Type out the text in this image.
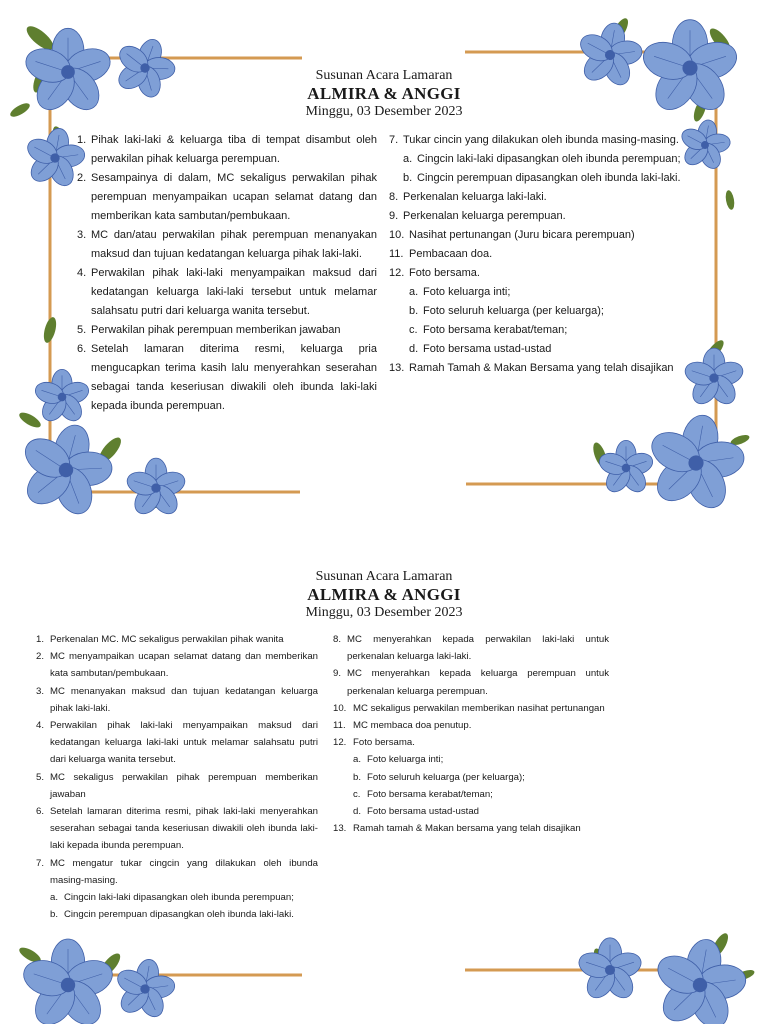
Susunan Acara Lamaran
ALMIRA & ANGGI
Minggu, 03 Desember 2023
1. Pihak laki-laki & keluarga tiba di tempat disambut oleh perwakilan pihak keluarga perempuan.
2. Sesampainya di dalam, MC sekaligus perwakilan pihak perempuan menyampaikan ucapan selamat datang dan memberikan kata sambutan/pembukaan.
3. MC dan/atau perwakilan pihak perempuan menanyakan maksud dan tujuan kedatangan keluarga pihak laki-laki.
4. Perwakilan pihak laki-laki menyampaikan maksud dari kedatangan keluarga laki-laki tersebut untuk melamar salahsatu putri dari keluarga wanita tersebut.
5. Perwakilan pihak perempuan memberikan jawaban
6. Setelah lamaran diterima resmi, keluarga pria mengucapkan terima kasih lalu menyerahkan seserahan sebagai tanda keseriusan diwakili oleh ibunda laki-laki kepada ibunda perempuan.
7. Tukar cincin yang dilakukan oleh ibunda masing-masing.
a. Cingcin laki-laki dipasangkan oleh ibunda perempuan;
b. Cingcin perempuan dipasangkan oleh ibunda laki-laki.
8. Perkenalan keluarga laki-laki.
9. Perkenalan keluarga perempuan.
10. Nasihat pertunangan (Juru bicara perempuan)
11. Pembacaan doa.
12. Foto bersama.
a. Foto keluarga inti;
b. Foto seluruh keluarga (per keluarga);
c. Foto bersama kerabat/teman;
d. Foto bersama ustad-ustad
13. Ramah Tamah & Makan Bersama yang telah disajikan
Susunan Acara Lamaran
ALMIRA & ANGGI
Minggu, 03 Desember 2023
1. Perkenalan MC. MC sekaligus perwakilan pihak wanita
2. MC menyampaikan ucapan selamat datang dan memberikan kata sambutan/pembukaan.
3. MC menanyakan maksud dan tujuan kedatangan keluarga pihak laki-laki.
4. Perwakilan pihak laki-laki menyampaikan maksud dari kedatangan keluarga laki-laki untuk melamar salahsatu putri dari keluarga wanita tersebut.
5. MC sekaligus perwakilan pihak perempuan memberikan jawaban
6. Setelah lamaran diterima resmi, pihak laki-laki menyerahkan seserahan sebagai tanda keseriusan diwakili oleh ibunda laki-laki kepada ibunda perempuan.
7. MC mengatur tukar cingcin yang dilakukan oleh ibunda masing-masing.
a. Cingcin laki-laki dipasangkan oleh ibunda perempuan;
b. Cingcin perempuan dipasangkan oleh ibunda laki-laki.
8. MC menyerahkan kepada perwakilan laki-laki untuk perkenalan keluarga laki-laki.
9. MC menyerahkan kepada keluarga perempuan untuk perkenalan keluarga perempuan.
10. MC sekaligus perwakilan memberikan nasihat pertunangan
11. MC membaca doa penutup.
12. Foto bersama.
a. Foto keluarga inti;
b. Foto seluruh keluarga (per keluarga);
c. Foto bersama kerabat/teman;
d. Foto bersama ustad-ustad
13. Ramah tamah & Makan bersama yang telah disajikan
